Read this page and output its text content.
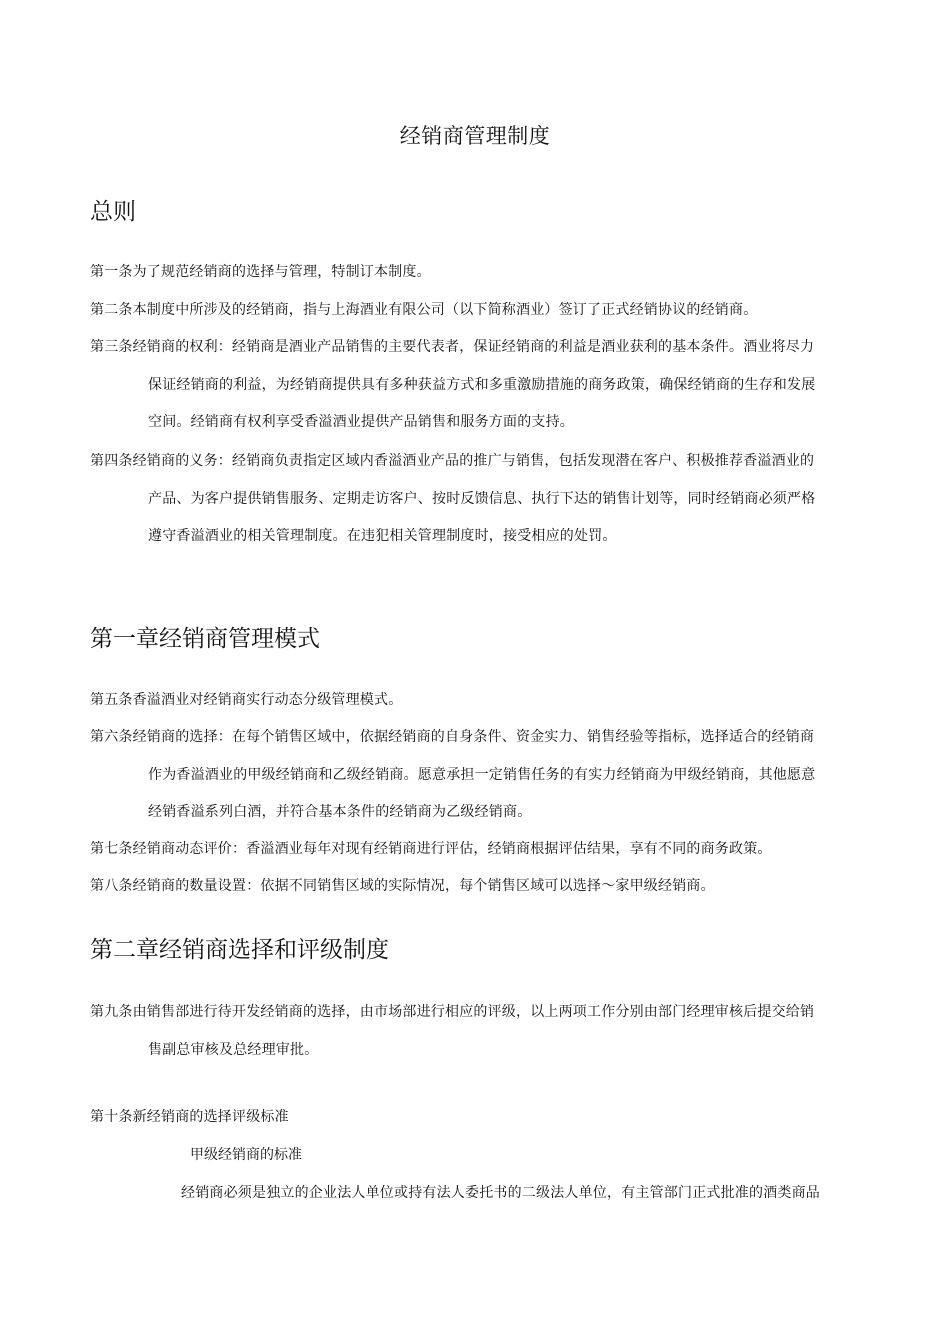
经销商管理制度
总则
第一条为了规范经销商的选择与管理，特制订本制度。
第二条本制度中所涉及的经销商，指与上海酒业有限公司（以下简称酒业）签订了正式经销协议的经销商。
第三条经销商的权利：经销商是酒业产品销售的主要代表者，保证经销商的利益是酒业获利的基本条件。酒业将尽力
保证经销商的利益，为经销商提供具有多种获益方式和多重激励措施的商务政策，确保经销商的生存和发展
空间。经销商有权利享受香溢酒业提供产品销售和服务方面的支持。
第四条经销商的义务：经销商负责指定区域内香溢酒业产品的推广与销售，包括发现潜在客户、积极推荐香溢酒业的
产品、为客户提供销售服务、定期走访客户、按时反馈信息、执行下达的销售计划等，同时经销商必须严格
遵守香溢酒业的相关管理制度。在违犯相关管理制度时，接受相应的处罚。
第一章经销商管理模式
第五条香溢酒业对经销商实行动态分级管理模式。
第六条经销商的选择：在每个销售区域中，依据经销商的自身条件、资金实力、销售经验等指标，选择适合的经销商
作为香溢酒业的甲级经销商和乙级经销商。愿意承担一定销售任务的有实力经销商为甲级经销商，其他愿意
经销香溢系列白酒，并符合基本条件的经销商为乙级经销商。
第七条经销商动态评价：香溢酒业每年对现有经销商进行评估，经销商根据评估结果，享有不同的商务政策。
第八条经销商的数量设置：依据不同销售区域的实际情况，每个销售区域可以选择〜家甲级经销商。
第二章经销商选择和评级制度
第九条由销售部进行待开发经销商的选择，由市场部进行相应的评级，以上两项工作分别由部门经理审核后提交给销
售副总审核及总经理审批。
第十条新经销商的选择评级标准
甲级经销商的标准
经销商必须是独立的企业法人单位或持有法人委托书的二级法人单位，有主管部门正式批准的酒类商品
